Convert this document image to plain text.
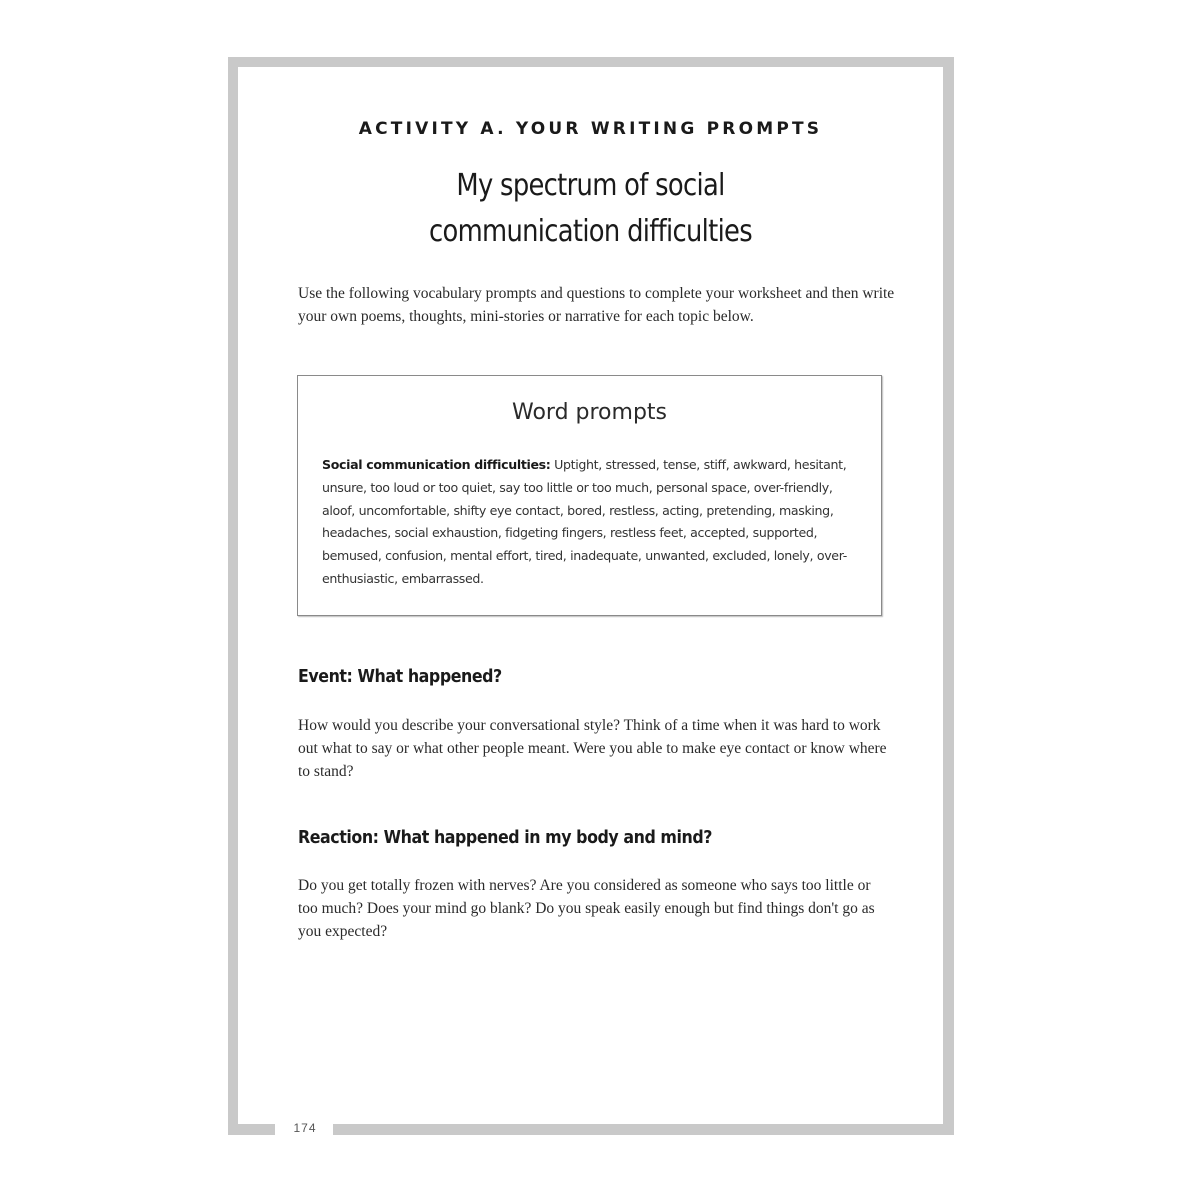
ACTIVITY A. YOUR WRITING PROMPTS
My spectrum of social
communication difficulties
Use the following vocabulary prompts and questions to complete your worksheet and then write your own poems, thoughts, mini-stories or narrative for each topic below.
Word prompts
Social communication difficulties: Uptight, stressed, tense, stiff, awkward, hesitant, unsure, too loud or too quiet, say too little or too much, personal space, over-friendly, aloof, uncomfortable, shifty eye contact, bored, restless, acting, pretending, masking, headaches, social exhaustion, fidgeting fingers, restless feet, accepted, supported, bemused, confusion, mental effort, tired, inadequate, unwanted, excluded, lonely, over-enthusiastic, embarrassed.
Event: What happened?
How would you describe your conversational style? Think of a time when it was hard to work out what to say or what other people meant. Were you able to make eye contact or know where to stand?
Reaction: What happened in my body and mind?
Do you get totally frozen with nerves? Are you considered as someone who says too little or too much? Does your mind go blank? Do you speak easily enough but find things don't go as you expected?
174
